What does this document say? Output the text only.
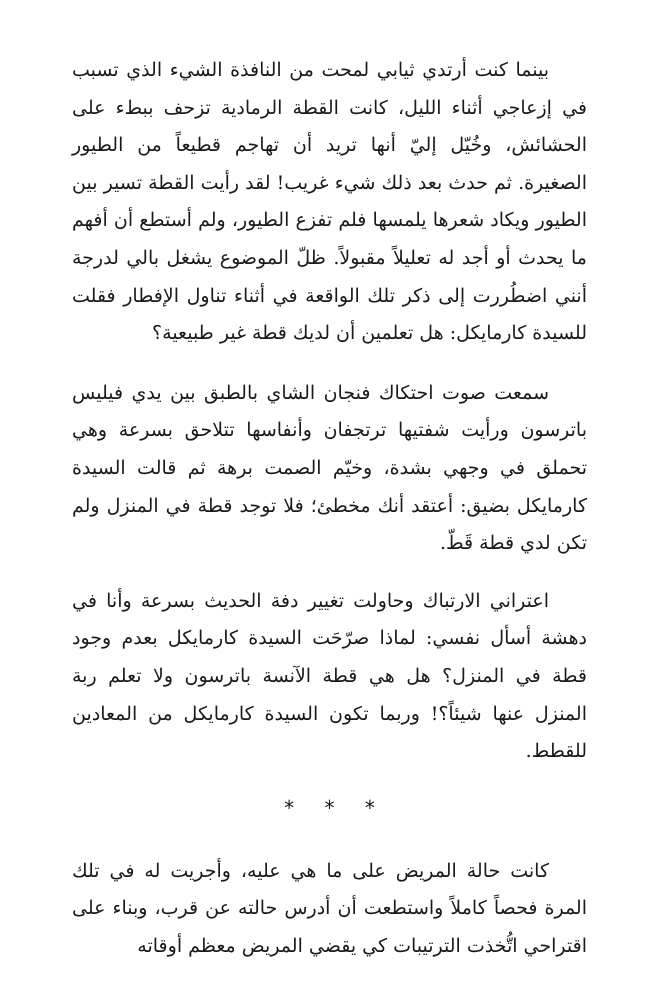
بينما كنت أرتدي ثيابي لمحت من النافذة الشيء الذي تسبب في إزعاجي أثناء الليل، كانت القطة الرمادية تزحف ببطء على الحشائش، وخُيّل إليّ أنها تريد أن تهاجم قطيعاً من الطيور الصغيرة. ثم حدث بعد ذلك شيء غريب! لقد رأيت القطة تسير بين الطيور ويكاد شعرها يلمسها فلم تفزع الطيور، ولم أستطع أن أفهم ما يحدث أو أجد له تعليلاً مقبولاً. ظلّ الموضوع يشغل بالي لدرجة أنني اضطُررت إلى ذكر تلك الواقعة في أثناء تناول الإفطار فقلت للسيدة كارمايكل: هل تعلمين أن لديك قطة غير طبيعية؟

سمعت صوت احتكاك فنجان الشاي بالطبق بين يدي فيليس باترسون ورأيت شفتيها ترتجفان وأنفاسها تتلاحق بسرعة وهي تحملق في وجهي بشدة، وخيّم الصمت برهة ثم قالت السيدة كارمايكل بضيق: أعتقد أنك مخطئ؛ فلا توجد قطة في المنزل ولم تكن لدي قطة قَطّ.

اعتراني الارتباك وحاولت تغيير دفة الحديث بسرعة وأنا في دهشة أسأل نفسي: لماذا صرّحَت السيدة كارمايكل بعدم وجود قطة في المنزل؟ هل هي قطة الآنسة باترسون ولا تعلم ربة المنزل عنها شيئاً؟! وربما تكون السيدة كارمايكل من المعادين للقطط.

* * *

كانت حالة المريض على ما هي عليه، وأجريت له في تلك المرة فحصاً كاملاً واستطعت أن أدرس حالته عن قرب، وبناء على اقتراحي اتُّخذت الترتيبات كي يقضي المريض معظم أوقاته
